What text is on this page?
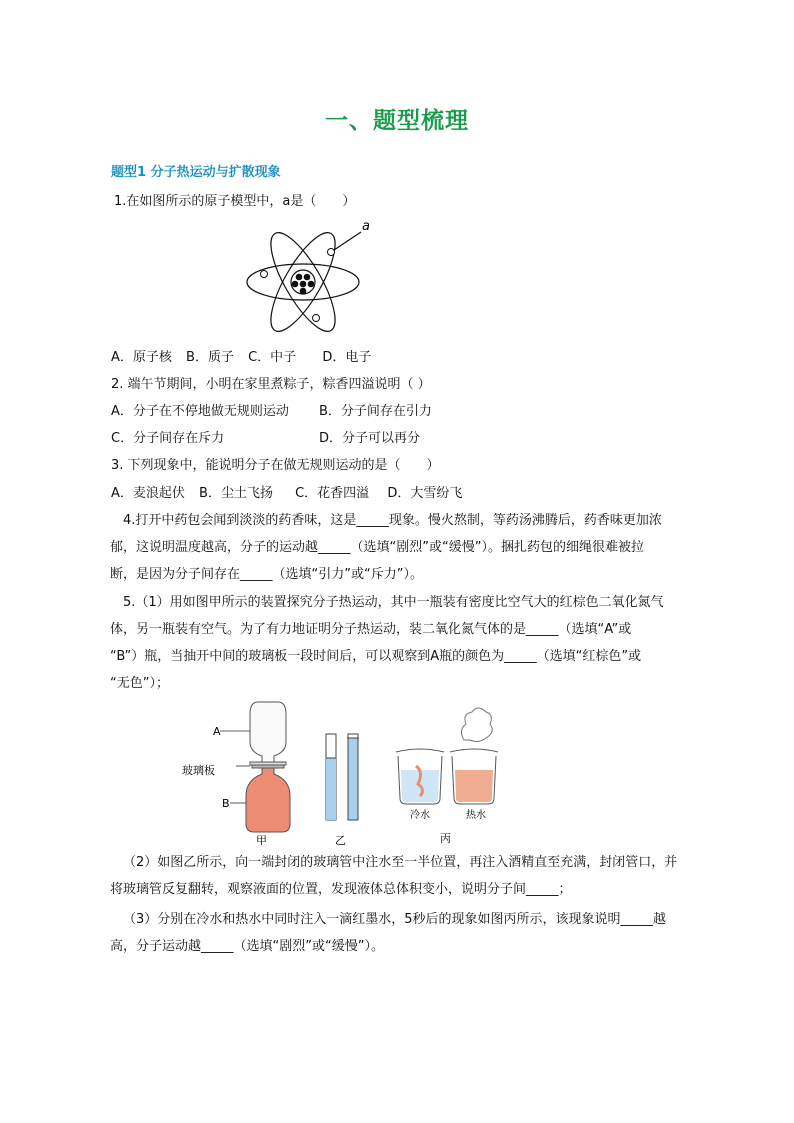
一、题型梳理
题型1 分子热运动与扩散现象
1.在如图所示的原子模型中，a是（　　）
a
A．原子核 B．质子 C．中子 D．电子
2. 端午节期间，小明在家里煮粽子，粽香四溢说明（ ）
A．分子在不停地做无规则运动 B．分子间存在引力
C．分子间存在斥力	D．分子可以再分
3. 下列现象中，能说明分子在做无规则运动的是（　　）
A．麦浪起伏 B．尘土飞扬 C．花香四溢 D．大雪纷飞
4.打开中药包会闻到淡淡的药香味，这是_____现象。慢火熬制，等药汤沸腾后，药香味更加浓
郁，这说明温度越高，分子的运动越_____（选填“剧烈”或“缓慢”）。捆扎药包的细绳很难被拉
断，是因为分子间存在_____（选填“引力”或“斥力”）。
5.（1）用如图甲所示的装置探究分子热运动，其中一瓶装有密度比空气大的红棕色二氧化氮气
体，另一瓶装有空气。为了有力地证明分子热运动，装二氧化氮气体的是_____（选填“A”或
“B”）瓶，当抽开中间的玻璃板一段时间后，可以观察到A瓶的颜色为_____（选填“红棕色”或
“无色”）；
A
玻璃板
B
甲	乙
冷水	热水
丙
（2）如图乙所示，向一端封闭的玻璃管中注水至一半位置，再注入酒精直至充满，封闭管口，并
将玻璃管反复翻转，观察液面的位置，发现液体总体积变小，说明分子间_____；
（3）分别在冷水和热水中同时注入一滴红墨水，5秒后的现象如图丙所示，该现象说明_____越
高，分子运动越_____（选填“剧烈”或“缓慢”）。
